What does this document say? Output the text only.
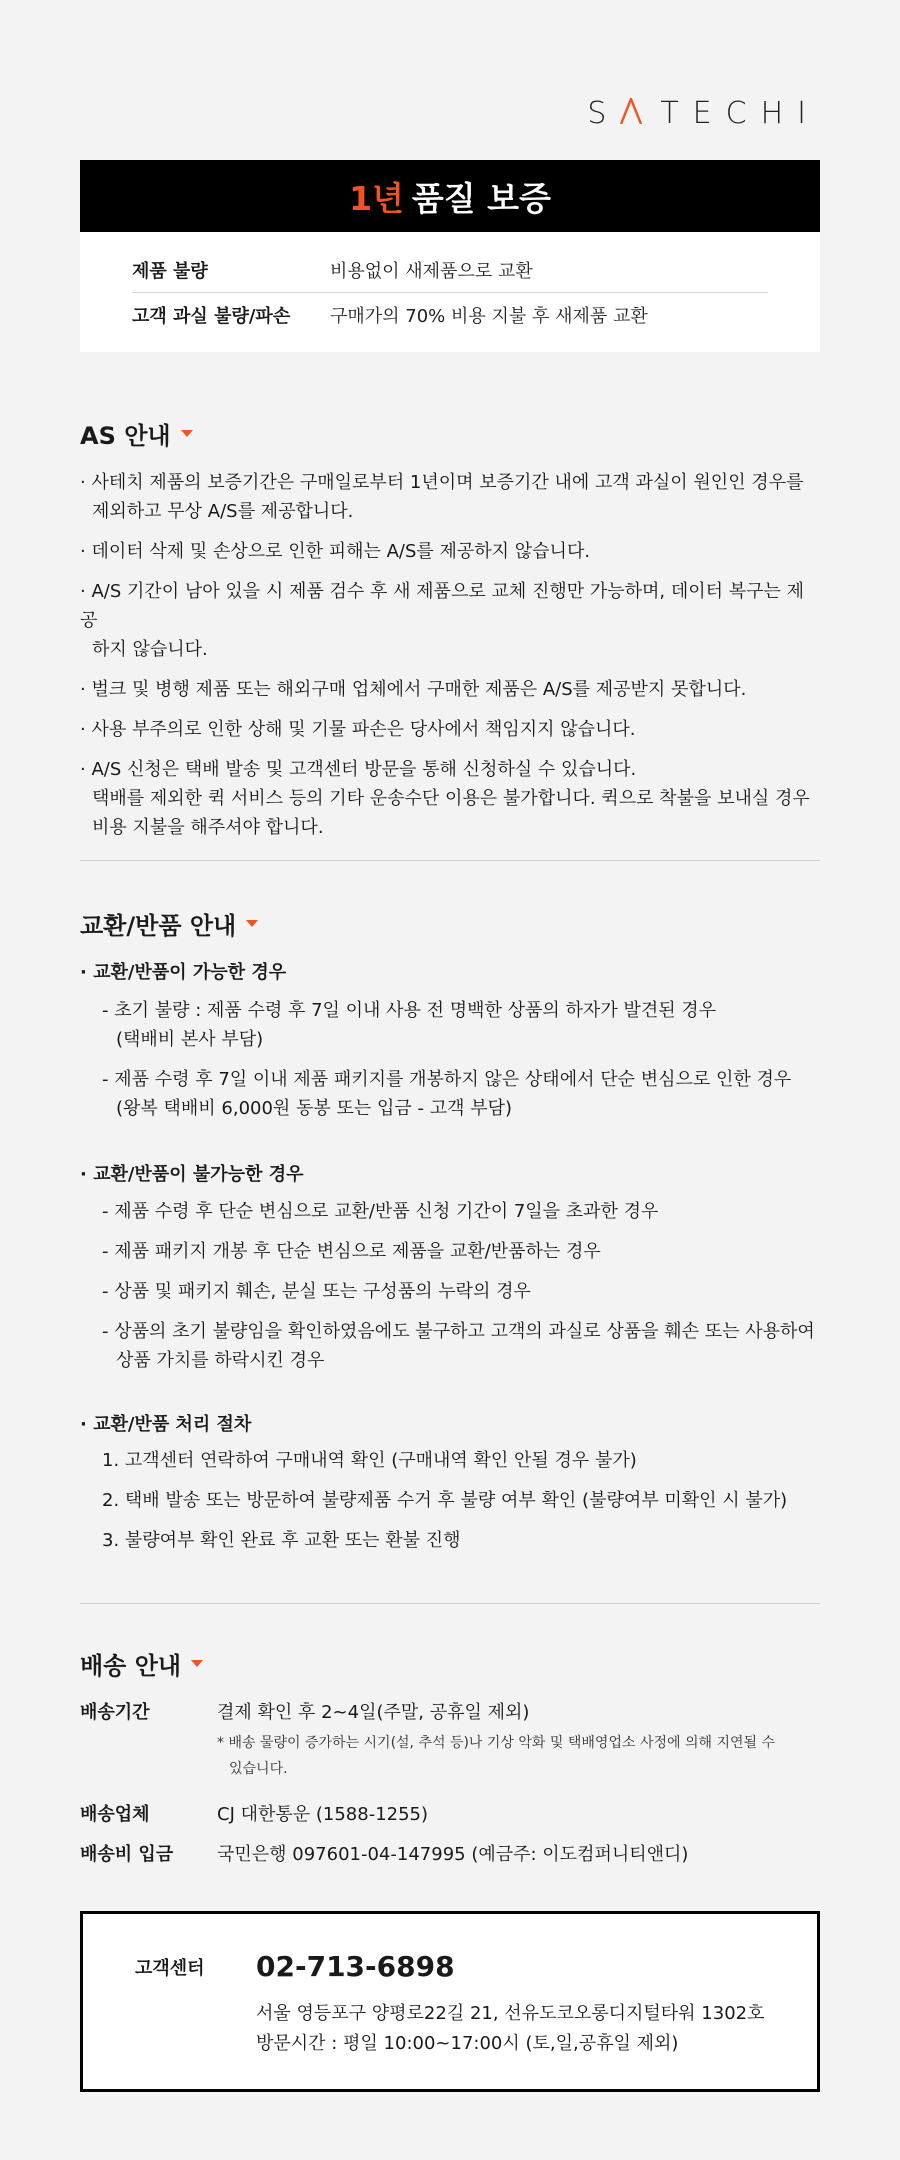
S TECHI
1년 품질 보증
제품 불량	비용없이 새제품으로 교환
고객 과실 불량/파손	구매가의 70% 비용 지불 후 새제품 교환
AS 안내
· 사테치 제품의 보증기간은 구매일로부터 1년이며 보증기간 내에 고객 과실이 원인인 경우를
제외하고 무상 A/S를 제공합니다.
· 데이터 삭제 및 손상으로 인한 피해는 A/S를 제공하지 않습니다.
· A/S 기간이 남아 있을 시 제품 검수 후 새 제품으로 교체 진행만 가능하며, 데이터 복구는 제공
하지 않습니다.
· 벌크 및 병행 제품 또는 해외구매 업체에서 구매한 제품은 A/S를 제공받지 못합니다.
· 사용 부주의로 인한 상해 및 기물 파손은 당사에서 책임지지 않습니다.
· A/S 신청은 택배 발송 및 고객센터 방문을 통해 신청하실 수 있습니다.
택배를 제외한 퀵 서비스 등의 기타 운송수단 이용은 불가합니다. 퀵으로 착불을 보내실 경우
비용 지불을 해주셔야 합니다.
교환/반품 안내
· 교환/반품이 가능한 경우
- 초기 불량 : 제품 수령 후 7일 이내 사용 전 명백한 상품의 하자가 발견된 경우
(택배비 본사 부담)
- 제품 수령 후 7일 이내 제품 패키지를 개봉하지 않은 상태에서 단순 변심으로 인한 경우
(왕복 택배비 6,000원 동봉 또는 입금 - 고객 부담)
· 교환/반품이 불가능한 경우
- 제품 수령 후 단순 변심으로 교환/반품 신청 기간이 7일을 초과한 경우
- 제품 패키지 개봉 후 단순 변심으로 제품을 교환/반품하는 경우
- 상품 및 패키지 훼손, 분실 또는 구성품의 누락의 경우
- 상품의 초기 불량임을 확인하였음에도 불구하고 고객의 과실로 상품을 훼손 또는 사용하여
상품 가치를 하락시킨 경우
· 교환/반품 처리 절차
1. 고객센터 연락하여 구매내역 확인 (구매내역 확인 안될 경우 불가)
2. 택배 발송 또는 방문하여 불량제품 수거 후 불량 여부 확인 (불량여부 미확인 시 불가)
3. 불량여부 확인 완료 후 교환 또는 환불 진행
배송 안내
배송기간	결제 확인 후 2~4일(주말, 공휴일 제외)
* 배송 물량이 증가하는 시기(설, 추석 등)나 기상 악화 및 택배영업소 사정에 의해 지연될 수
있습니다.
배송업체	CJ 대한통운 (1588-1255)
배송비 입금	국민은행 097601-04-147995 (예금주: 이도컴퍼니티앤디)
고객센터 02-713-6898
서울 영등포구 양평로22길 21, 선유도코오롱디지털타워 1302호
방문시간 : 평일 10:00~17:00시 (토,일,공휴일 제외)
